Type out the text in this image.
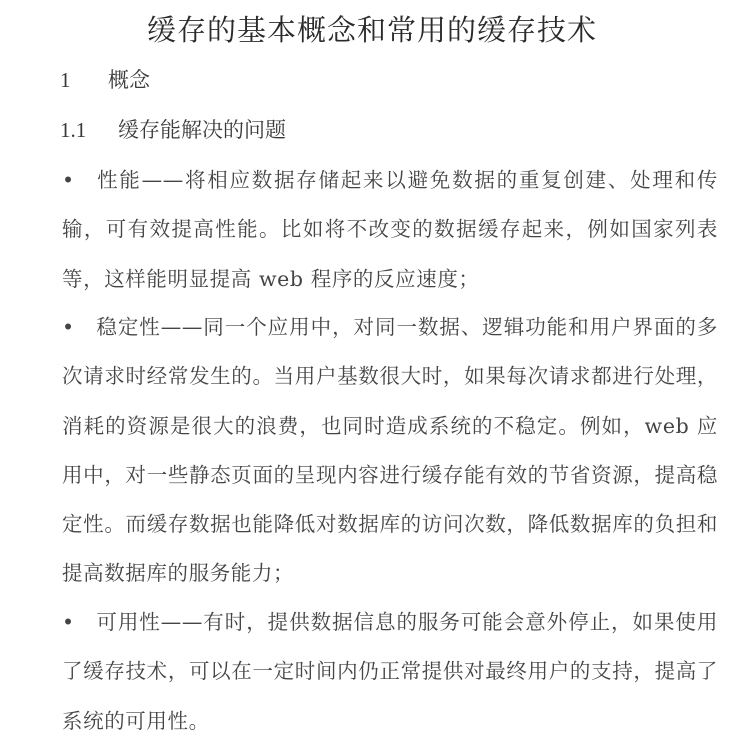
缓存的基本概念和常用的缓存技术
1 概念
1.1 缓存能解决的问题
• 性能——将相应数据存储起来以避免数据的重复创建、处理和传输，可有效提高性能。比如将不改变的数据缓存起来，例如国家列表等，这样能明显提高 web 程序的反应速度；
• 稳定性——同一个应用中，对同一数据、逻辑功能和用户界面的多次请求时经常发生的。当用户基数很大时，如果每次请求都进行处理，消耗的资源是很大的浪费，也同时造成系统的不稳定。例如，web 应用中，对一些静态页面的呈现内容进行缓存能有效的节省资源，提高稳定性。而缓存数据也能降低对数据库的访问次数，降低数据库的负担和提高数据库的服务能力；
• 可用性——有时，提供数据信息的服务可能会意外停止，如果使用了缓存技术，可以在一定时间内仍正常提供对最终用户的支持，提高了系统的可用性。
